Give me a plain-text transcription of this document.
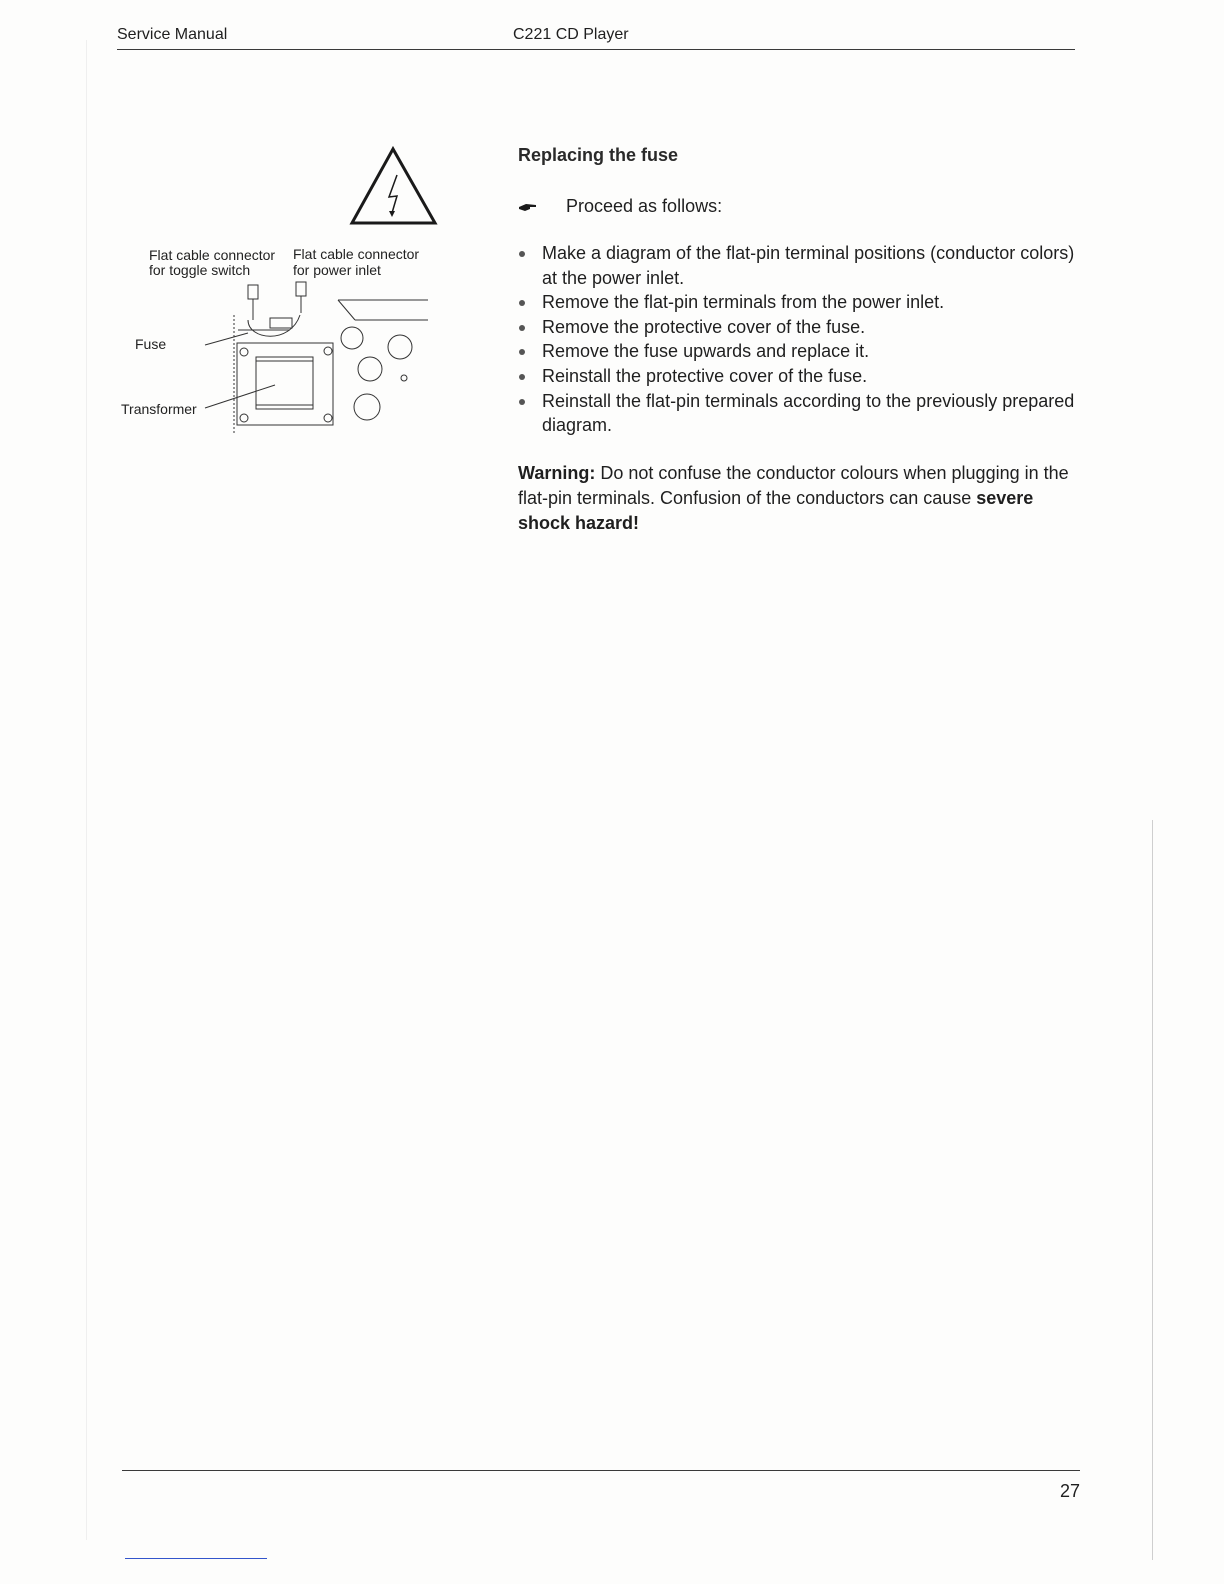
Service Manual	C221 CD Player
Flat cable connector
for toggle switch
Flat cable connector
for power inlet
Fuse
Transformer
Replacing the fuse
Proceed as follows:
Make a diagram of the flat-pin terminal positions (conductor colors) at the power inlet.
Remove the flat-pin terminals from the power inlet.
Remove the protective cover of the fuse.
Remove the fuse upwards and replace it.
Reinstall the protective cover of the fuse.
Reinstall the flat-pin terminals according to the previously prepared diagram.

Warning: Do not confuse the conductor colours when plugging in the flat-pin terminals. Confusion of the conductors can cause severe shock hazard!

27
